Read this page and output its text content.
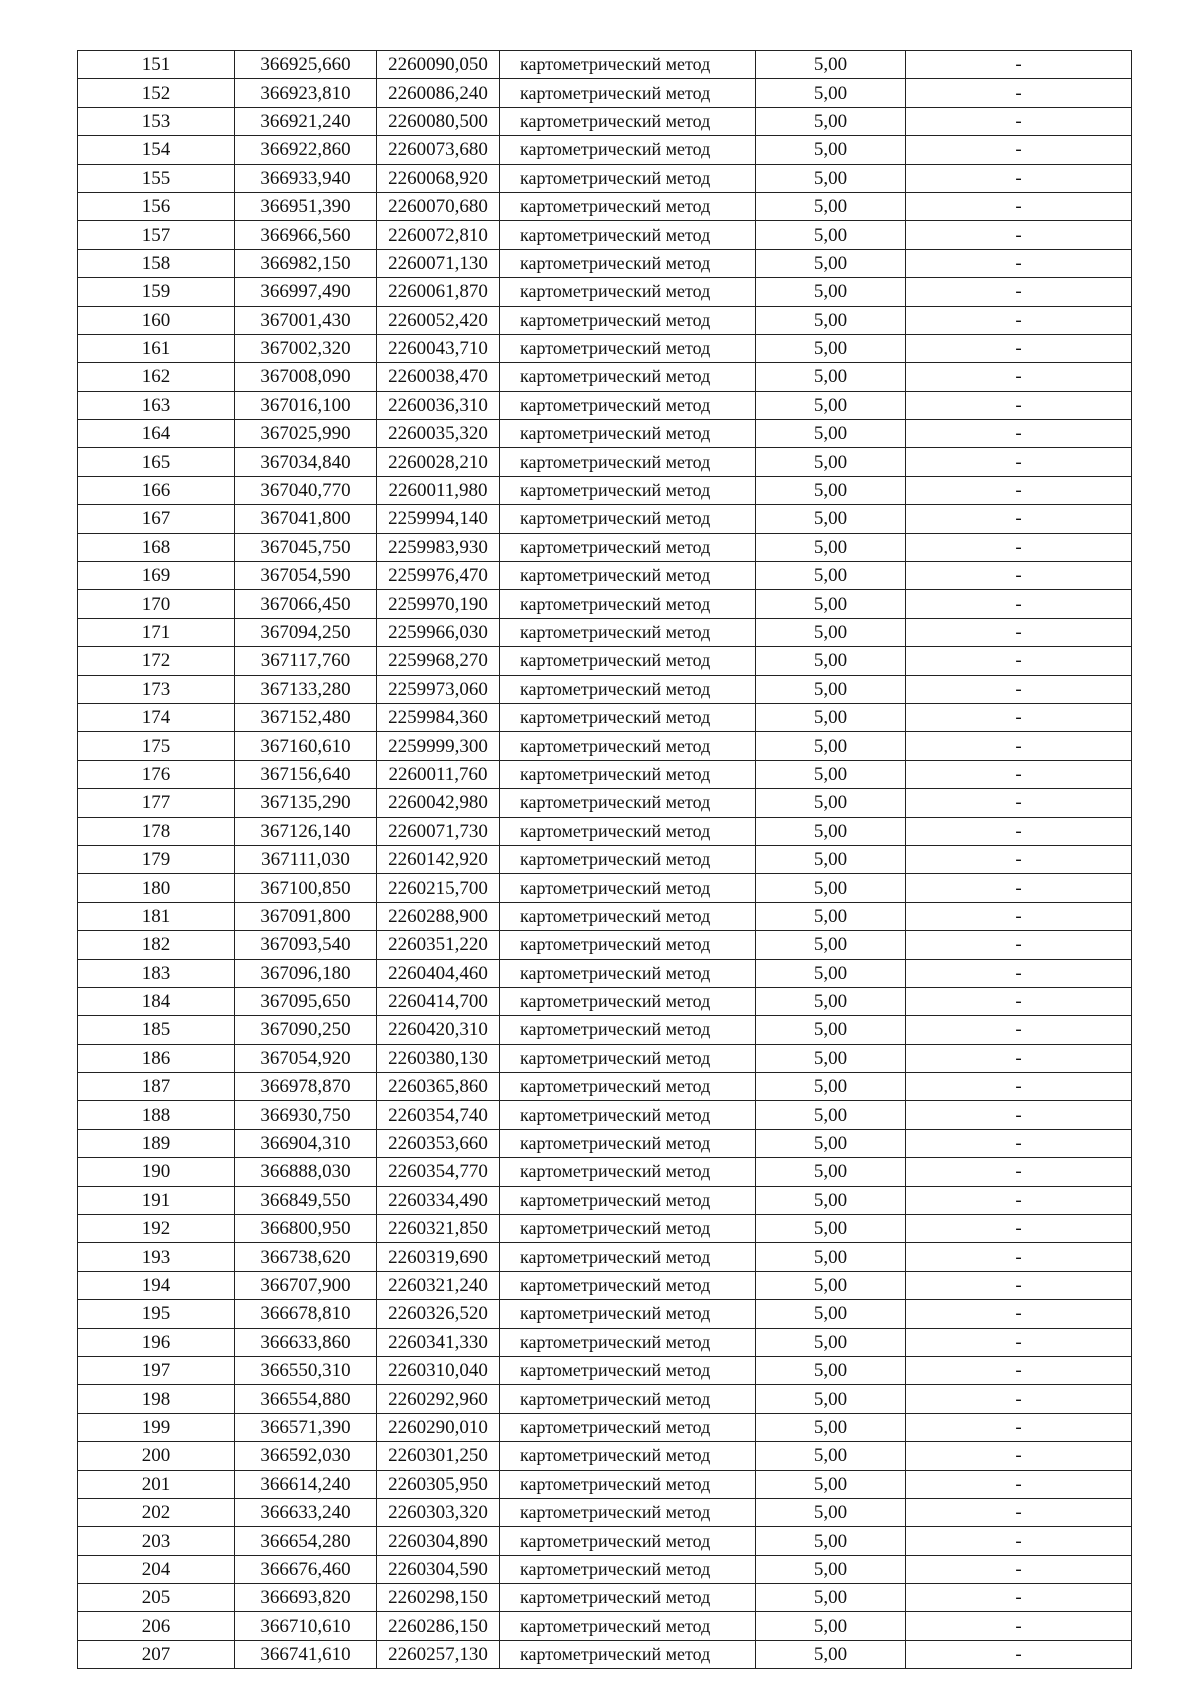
151	366925,660	2260090,050	картометрический метод	5,00	-
152	366923,810	2260086,240	картометрический метод	5,00	-
153	366921,240	2260080,500	картометрический метод	5,00	-
154	366922,860	2260073,680	картометрический метод	5,00	-
155	366933,940	2260068,920	картометрический метод	5,00	-
156	366951,390	2260070,680	картометрический метод	5,00	-
157	366966,560	2260072,810	картометрический метод	5,00	-
158	366982,150	2260071,130	картометрический метод	5,00	-
159	366997,490	2260061,870	картометрический метод	5,00	-
160	367001,430	2260052,420	картометрический метод	5,00	-
161	367002,320	2260043,710	картометрический метод	5,00	-
162	367008,090	2260038,470	картометрический метод	5,00	-
163	367016,100	2260036,310	картометрический метод	5,00	-
164	367025,990	2260035,320	картометрический метод	5,00	-
165	367034,840	2260028,210	картометрический метод	5,00	-
166	367040,770	2260011,980	картометрический метод	5,00	-
167	367041,800	2259994,140	картометрический метод	5,00	-
168	367045,750	2259983,930	картометрический метод	5,00	-
169	367054,590	2259976,470	картометрический метод	5,00	-
170	367066,450	2259970,190	картометрический метод	5,00	-
171	367094,250	2259966,030	картометрический метод	5,00	-
172	367117,760	2259968,270	картометрический метод	5,00	-
173	367133,280	2259973,060	картометрический метод	5,00	-
174	367152,480	2259984,360	картометрический метод	5,00	-
175	367160,610	2259999,300	картометрический метод	5,00	-
176	367156,640	2260011,760	картометрический метод	5,00	-
177	367135,290	2260042,980	картометрический метод	5,00	-
178	367126,140	2260071,730	картометрический метод	5,00	-
179	367111,030	2260142,920	картометрический метод	5,00	-
180	367100,850	2260215,700	картометрический метод	5,00	-
181	367091,800	2260288,900	картометрический метод	5,00	-
182	367093,540	2260351,220	картометрический метод	5,00	-
183	367096,180	2260404,460	картометрический метод	5,00	-
184	367095,650	2260414,700	картометрический метод	5,00	-
185	367090,250	2260420,310	картометрический метод	5,00	-
186	367054,920	2260380,130	картометрический метод	5,00	-
187	366978,870	2260365,860	картометрический метод	5,00	-
188	366930,750	2260354,740	картометрический метод	5,00	-
189	366904,310	2260353,660	картометрический метод	5,00	-
190	366888,030	2260354,770	картометрический метод	5,00	-
191	366849,550	2260334,490	картометрический метод	5,00	-
192	366800,950	2260321,850	картометрический метод	5,00	-
193	366738,620	2260319,690	картометрический метод	5,00	-
194	366707,900	2260321,240	картометрический метод	5,00	-
195	366678,810	2260326,520	картометрический метод	5,00	-
196	366633,860	2260341,330	картометрический метод	5,00	-
197	366550,310	2260310,040	картометрический метод	5,00	-
198	366554,880	2260292,960	картометрический метод	5,00	-
199	366571,390	2260290,010	картометрический метод	5,00	-
200	366592,030	2260301,250	картометрический метод	5,00	-
201	366614,240	2260305,950	картометрический метод	5,00	-
202	366633,240	2260303,320	картометрический метод	5,00	-
203	366654,280	2260304,890	картометрический метод	5,00	-
204	366676,460	2260304,590	картометрический метод	5,00	-
205	366693,820	2260298,150	картометрический метод	5,00	-
206	366710,610	2260286,150	картометрический метод	5,00	-
207	366741,610	2260257,130	картометрический метод	5,00	-
